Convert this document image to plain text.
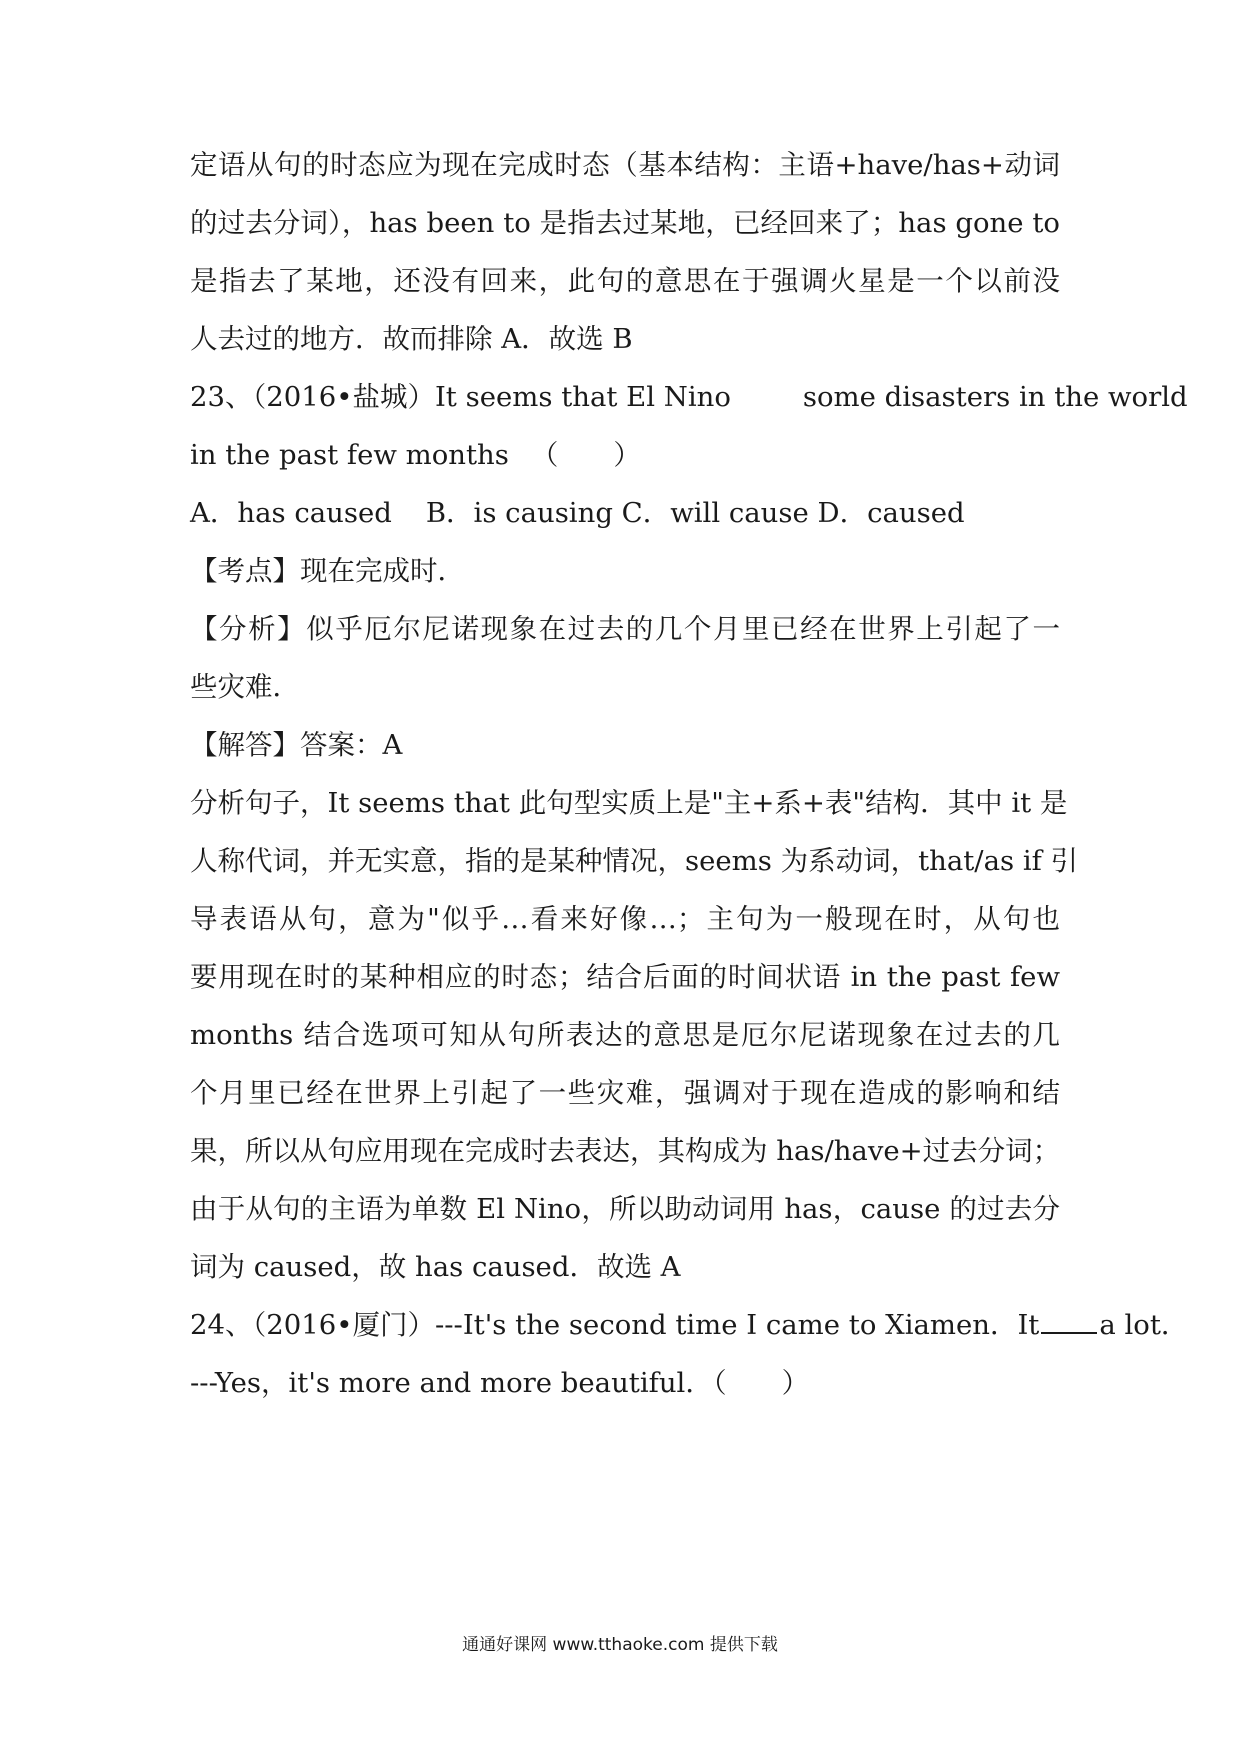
定语从句的时态应为现在完成时态（基本结构：主语+have/has+动词
的过去分词），has been to 是指去过某地，已经回来了；has gone to
是指去了某地，还没有回来，此句的意思在于强调火星是一个以前没
人去过的地方．故而排除 A．故选 B
23、（2016•盐城）It seems that El Nino	some disasters in the world
in the past few months （　　）
A．has caused B．is causing C．will cause D．caused
【考点】现在完成时．
【分析】似乎厄尔尼诺现象在过去的几个月里已经在世界上引起了一
些灾难．
【解答】答案：A
分析句子，It seems that 此句型实质上是"主+系+表"结构．其中 it 是
人称代词，并无实意，指的是某种情况，seems 为系动词，that/as if 引
导表语从句，意为"似乎…看来好像…；主句为一般现在时，从句也
要用现在时的某种相应的时态；结合后面的时间状语 in the past few
months 结合选项可知从句所表达的意思是厄尔尼诺现象在过去的几
个月里已经在世界上引起了一些灾难，强调对于现在造成的影响和结
果，所以从句应用现在完成时去表达，其构成为 has/have+过去分词；
由于从句的主语为单数 El Nino，所以助动词用 has，cause 的过去分
词为 caused，故 has caused．故选 A
24、（2016•厦门）---It's the second time I came to Xiamen．It a lot．
---Yes，it's more and more beautiful．（　　）
通通好课网 www.tthaoke.com 提供下载
